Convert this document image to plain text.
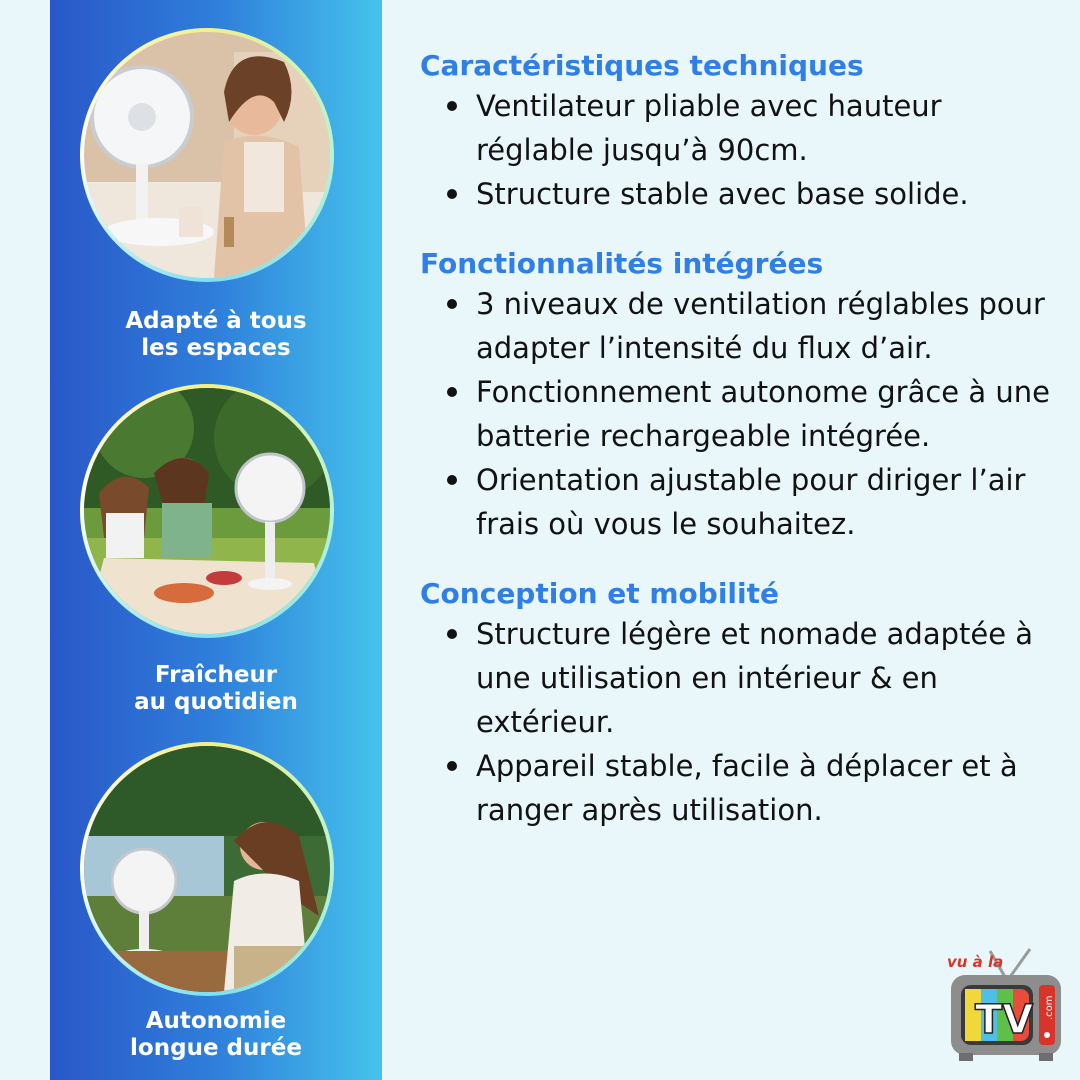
Adapté à tous
les espaces
Fraîcheur
au quotidien
Autonomie
longue durée
Caractéristiques techniques
Ventilateur pliable avec hauteur réglable jusqu’à 90cm.
Structure stable avec base solide.
Fonctionnalités intégrées
3 niveaux de ventilation réglables pour adapter l’intensité du flux d’air.
Fonctionnement autonome grâce à une batterie rechargeable intégrée.
Orientation ajustable pour diriger l’air frais où vous le souhaitez.
Conception et mobilité
Structure légère et nomade adaptée à une utilisation en intérieur & en extérieur.
Appareil stable, facile à déplacer et à ranger après utilisation.
vu à la
TV .com
